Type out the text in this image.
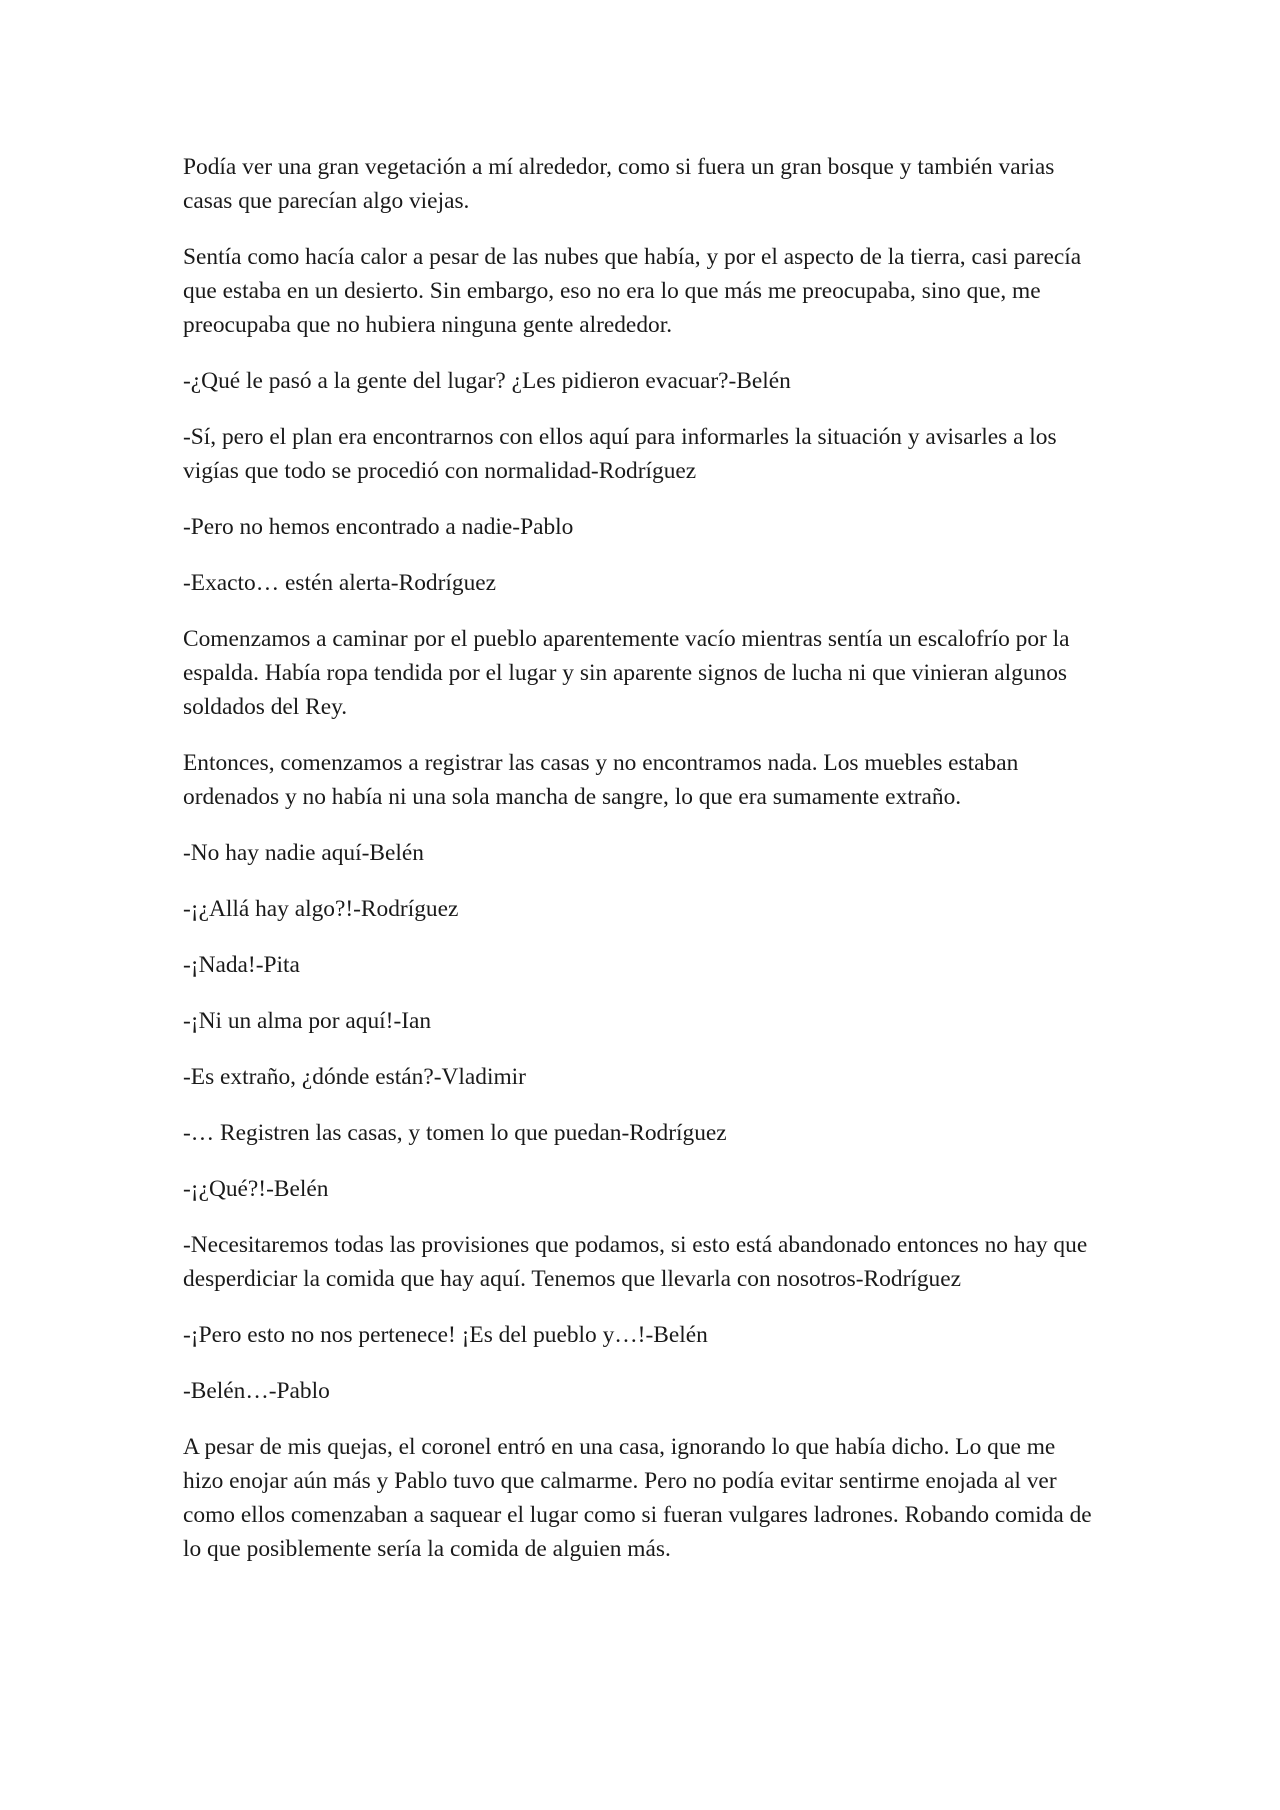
Podía ver una gran vegetación a mí alrededor, como si fuera un gran bosque y también varias casas que parecían algo viejas.

Sentía como hacía calor a pesar de las nubes que había, y por el aspecto de la tierra, casi parecía que estaba en un desierto. Sin embargo, eso no era lo que más me preocupaba, sino que, me preocupaba que no hubiera ninguna gente alrededor.

-¿Qué le pasó a la gente del lugar? ¿Les pidieron evacuar?-Belén

-Sí, pero el plan era encontrarnos con ellos aquí para informarles la situación y avisarles a los vigías que todo se procedió con normalidad-Rodríguez

-Pero no hemos encontrado a nadie-Pablo

-Exacto… estén alerta-Rodríguez

Comenzamos a caminar por el pueblo aparentemente vacío mientras sentía un escalofrío por la espalda. Había ropa tendida por el lugar y sin aparente signos de lucha ni que vinieran algunos soldados del Rey.

Entonces, comenzamos a registrar las casas y no encontramos nada. Los muebles estaban ordenados y no había ni una sola mancha de sangre, lo que era sumamente extraño.

-No hay nadie aquí-Belén

-¡¿Allá hay algo?!-Rodríguez

-¡Nada!-Pita

-¡Ni un alma por aquí!-Ian

-Es extraño, ¿dónde están?-Vladimir

-… Registren las casas, y tomen lo que puedan-Rodríguez

-¡¿Qué?!-Belén

-Necesitaremos todas las provisiones que podamos, si esto está abandonado entonces no hay que desperdiciar la comida que hay aquí. Tenemos que llevarla con nosotros-Rodríguez

-¡Pero esto no nos pertenece! ¡Es del pueblo y…!-Belén

-Belén…-Pablo

A pesar de mis quejas, el coronel entró en una casa, ignorando lo que había dicho. Lo que me hizo enojar aún más y Pablo tuvo que calmarme. Pero no podía evitar sentirme enojada al ver como ellos comenzaban a saquear el lugar como si fueran vulgares ladrones. Robando comida de lo que posiblemente sería la comida de alguien más.
